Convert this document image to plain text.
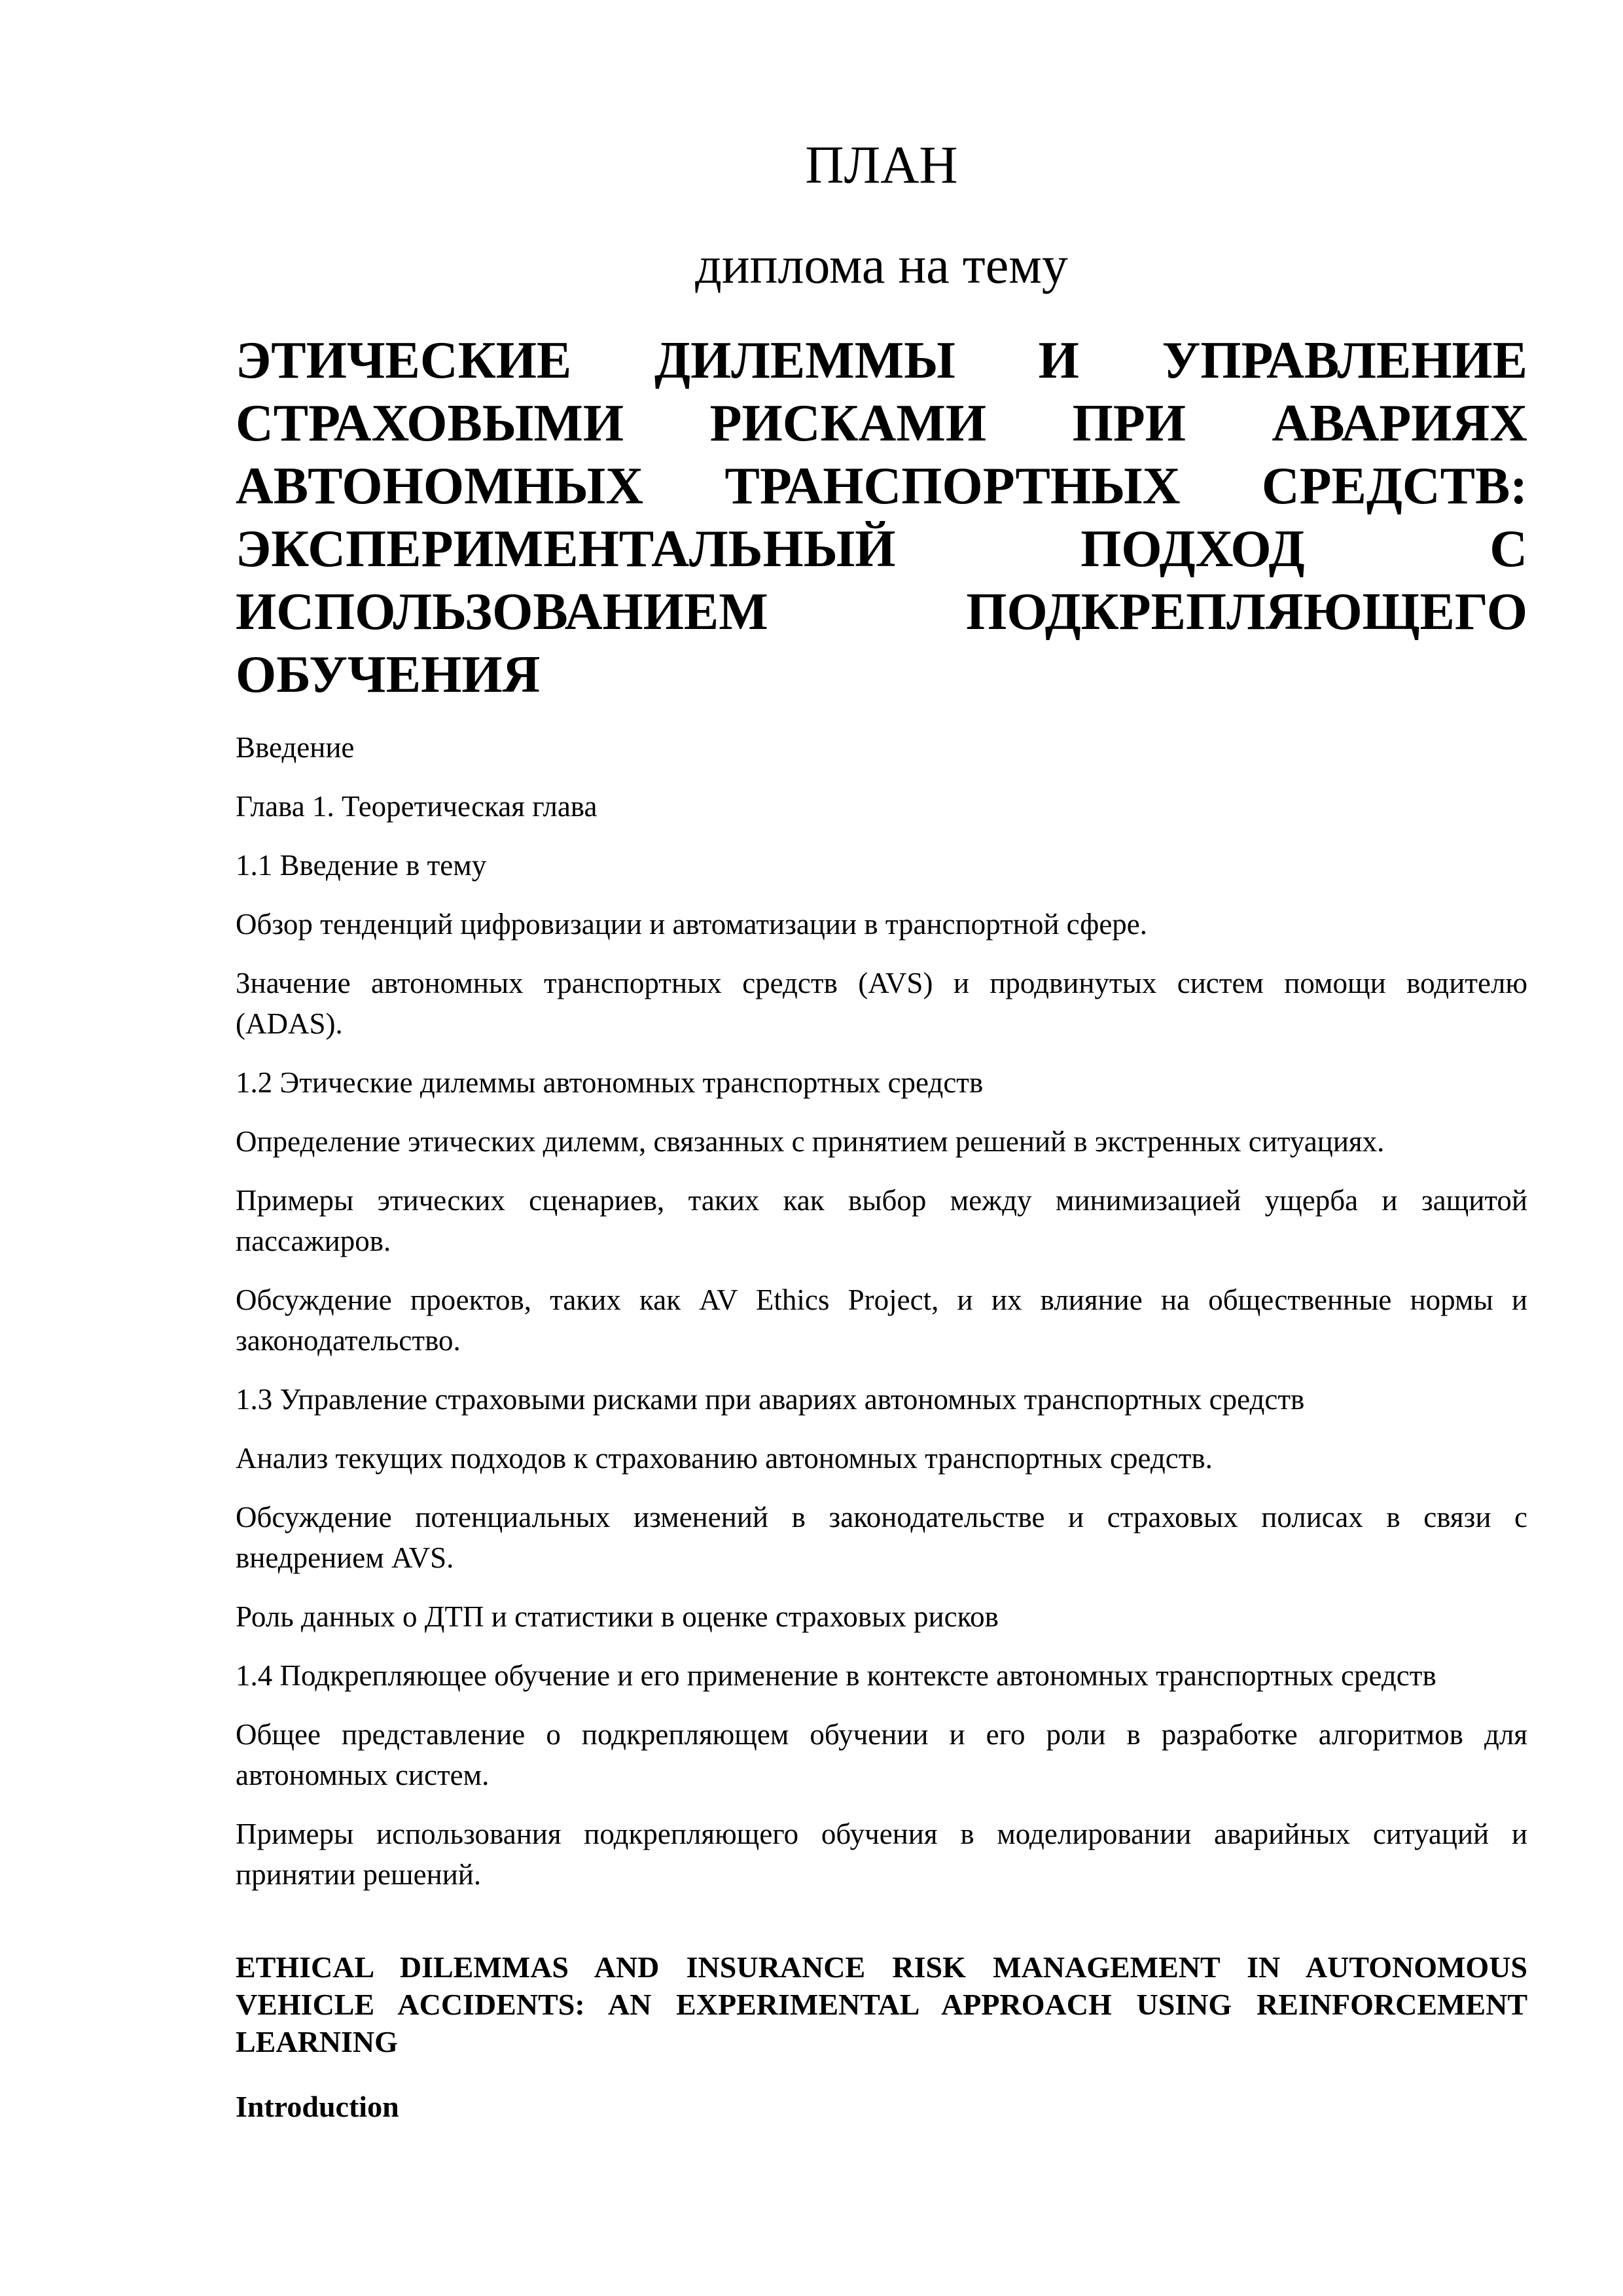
ПЛАН
диплома на тему
ЭТИЧЕСКИЕ ДИЛЕММЫ И УПРАВЛЕНИЕ
СТРАХОВЫМИ РИСКАМИ ПРИ АВАРИЯХ
АВТОНОМНЫХ ТРАНСПОРТНЫХ СРЕДСТВ:
ЭКСПЕРИМЕНТАЛЬНЫЙ ПОДХОД С
ИСПОЛЬЗОВАНИЕМ ПОДКРЕПЛЯЮЩЕГО
ОБУЧЕНИЯ

Введение

Глава 1. Теоретическая глава

1.1 Введение в тему

Обзор тенденций цифровизации и автоматизации в транспортной сфере.

Значение автономных транспортных средств (AVS) и продвинутых систем помощи водителю
(ADAS).

1.2 Этические дилеммы автономных транспортных средств

Определение этических дилемм, связанных с принятием решений в экстренных ситуациях.

Примеры этических сценариев, таких как выбор между минимизацией ущерба и защитой
пассажиров.

Обсуждение проектов, таких как AV Ethics Project, и их влияние на общественные нормы и
законодательство.

1.3 Управление страховыми рисками при авариях автономных транспортных средств

Анализ текущих подходов к страхованию автономных транспортных средств.

Обсуждение потенциальных изменений в законодательстве и страховых полисах в связи с
внедрением AVS.

Роль данных о ДТП и статистики в оценке страховых рисков

1.4 Подкрепляющее обучение и его применение в контексте автономных транспортных средств

Общее представление о подкрепляющем обучении и его роли в разработке алгоритмов для
автономных систем.

Примеры использования подкрепляющего обучения в моделировании аварийных ситуаций и
принятии решений.

ETHICAL DILEMMAS AND INSURANCE RISK MANAGEMENT IN AUTONOMOUS
VEHICLE ACCIDENTS: AN EXPERIMENTAL APPROACH USING REINFORCEMENT
LEARNING
Introduction
